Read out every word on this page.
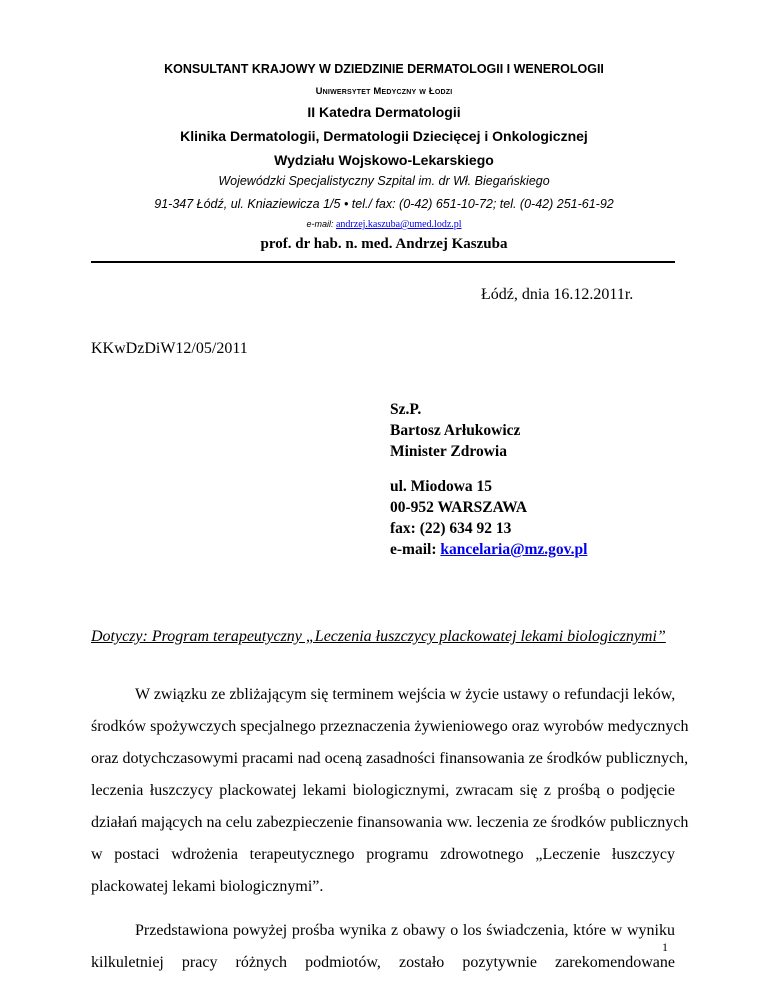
KONSULTANT KRAJOWY W DZIEDZINIE DERMATOLOGII I WENEROLOGII
Uniwersytet Medyczny w Łodzi
II Katedra Dermatologii
Klinika Dermatologii, Dermatologii Dziecięcej i Onkologicznej
Wydziału Wojskowo-Lekarskiego
Wojewódzki Specjalistyczny Szpital im. dr Wł. Biegańskiego
91-347 Łódź, ul. Kniaziewicza 1/5 • tel./ fax: (0-42) 651-10-72; tel. (0-42) 251-61-92
e-mail: andrzej.kaszuba@umed.lodz.pl
prof. dr hab. n. med. Andrzej Kaszuba
Łódź, dnia 16.12.2011r.
KKwDzDiW12/05/2011
Sz.P.
Bartosz Arłukowicz
Minister Zdrowia
ul. Miodowa 15
00-952 WARSZAWA
fax: (22) 634 92 13
e-mail: kancelaria@mz.gov.pl
Dotyczy: Program terapeutyczny „Leczenia łuszczycy plackowatej lekami biologicznymi”
W związku ze zbliżającym się terminem wejścia w życie ustawy o refundacji leków,
środków spożywczych specjalnego przeznaczenia żywieniowego oraz wyrobów medycznych
oraz dotychczasowymi pracami nad oceną zasadności finansowania ze środków publicznych,
leczenia łuszczycy plackowatej lekami biologicznymi, zwracam się z prośbą o podjęcie
działań mających na celu zabezpieczenie finansowania ww. leczenia ze środków publicznych
w postaci wdrożenia terapeutycznego programu zdrowotnego „Leczenie łuszczycy
plackowatej lekami biologicznymi”.
Przedstawiona powyżej prośba wynika z obawy o los świadczenia, które w wyniku
kilkuletniej pracy różnych podmiotów, zostało pozytywnie zarekomendowane
1
